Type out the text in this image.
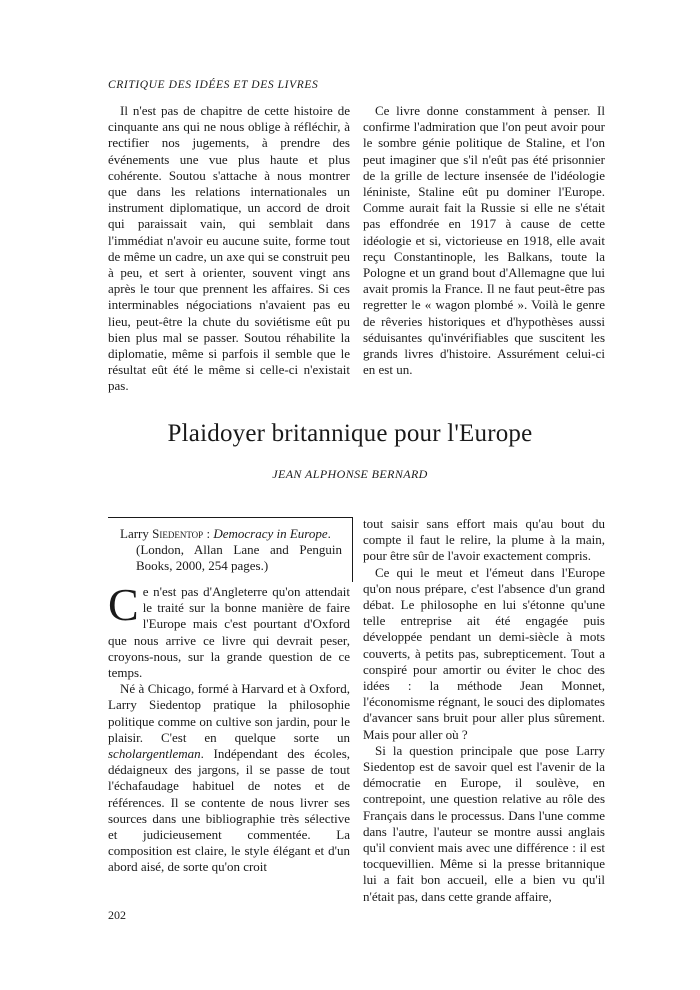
CRITIQUE DES IDÉES ET DES LIVRES

Il n'est pas de chapitre de cette histoire de cinquante ans qui ne nous oblige à réfléchir, à rectifier nos jugements, à prendre des événements une vue plus haute et plus cohérente. Soutou s'attache à nous montrer que dans les relations internationales un instrument diplomatique, un accord de droit qui paraissait vain, qui semblait dans l'immédiat n'avoir eu aucune suite, forme tout de même un cadre, un axe qui se construit peu à peu, et sert à orienter, souvent vingt ans après le tour que prennent les affaires. Si ces interminables négociations n'avaient pas eu lieu, peut-être la chute du soviétisme eût pu bien plus mal se passer. Soutou réhabilite la diplomatie, même si parfois il semble que le résultat eût été le même si celle-ci n'existait pas.

Ce livre donne constamment à penser. Il confirme l'admiration que l'on peut avoir pour le sombre génie politique de Staline, et l'on peut imaginer que s'il n'eût pas été prisonnier de la grille de lecture insensée de l'idéologie léniniste, Staline eût pu dominer l'Europe. Comme aurait fait la Russie si elle ne s'était pas effondrée en 1917 à cause de cette idéologie et si, victorieuse en 1918, elle avait reçu Constantinople, les Balkans, toute la Pologne et un grand bout d'Allemagne que lui avait promis la France. Il ne faut peut-être pas regretter le « wagon plombé ». Voilà le genre de rêveries historiques et d'hypothèses aussi séduisantes qu'invérifiables que suscitent les grands livres d'histoire. Assurément celui-ci en est un.

Plaidoyer britannique pour l'Europe
JEAN ALPHONSE BERNARD
Larry Siedentop : Democracy in Europe.
(London, Allan Lane and Penguin Books, 2000, 254 pages.)

Ce n'est pas d'Angleterre qu'on attendait le traité sur la bonne manière de faire l'Europe mais c'est pourtant d'Oxford que nous arrive ce livre qui devrait peser, croyons-nous, sur la grande question de ce temps.

Né à Chicago, formé à Harvard et à Oxford, Larry Siedentop pratique la philosophie politique comme on cultive son jardin, pour le plaisir. C'est en quelque sorte un scholargentleman. Indépendant des écoles, dédaigneux des jargons, il se passe de tout l'échafaudage habituel de notes et de références. Il se contente de nous livrer ses sources dans une bibliographie très sélective et judicieusement commentée. La composition est claire, le style élégant et d'un abord aisé, de sorte qu'on croit

tout saisir sans effort mais qu'au bout du compte il faut le relire, la plume à la main, pour être sûr de l'avoir exactement compris.

Ce qui le meut et l'émeut dans l'Europe qu'on nous prépare, c'est l'absence d'un grand débat. Le philosophe en lui s'étonne qu'une telle entreprise ait été engagée puis développée pendant un demi-siècle à mots couverts, à petits pas, subrepticement. Tout a conspiré pour amortir ou éviter le choc des idées : la méthode Jean Monnet, l'économisme régnant, le souci des diplomates d'avancer sans bruit pour aller plus sûrement. Mais pour aller où ?

Si la question principale que pose Larry Siedentop est de savoir quel est l'avenir de la démocratie en Europe, il soulève, en contrepoint, une question relative au rôle des Français dans le processus. Dans l'une comme dans l'autre, l'auteur se montre aussi anglais qu'il convient mais avec une différence : il est tocquevillien. Même si la presse britannique lui a fait bon accueil, elle a bien vu qu'il n'était pas, dans cette grande affaire,

202
